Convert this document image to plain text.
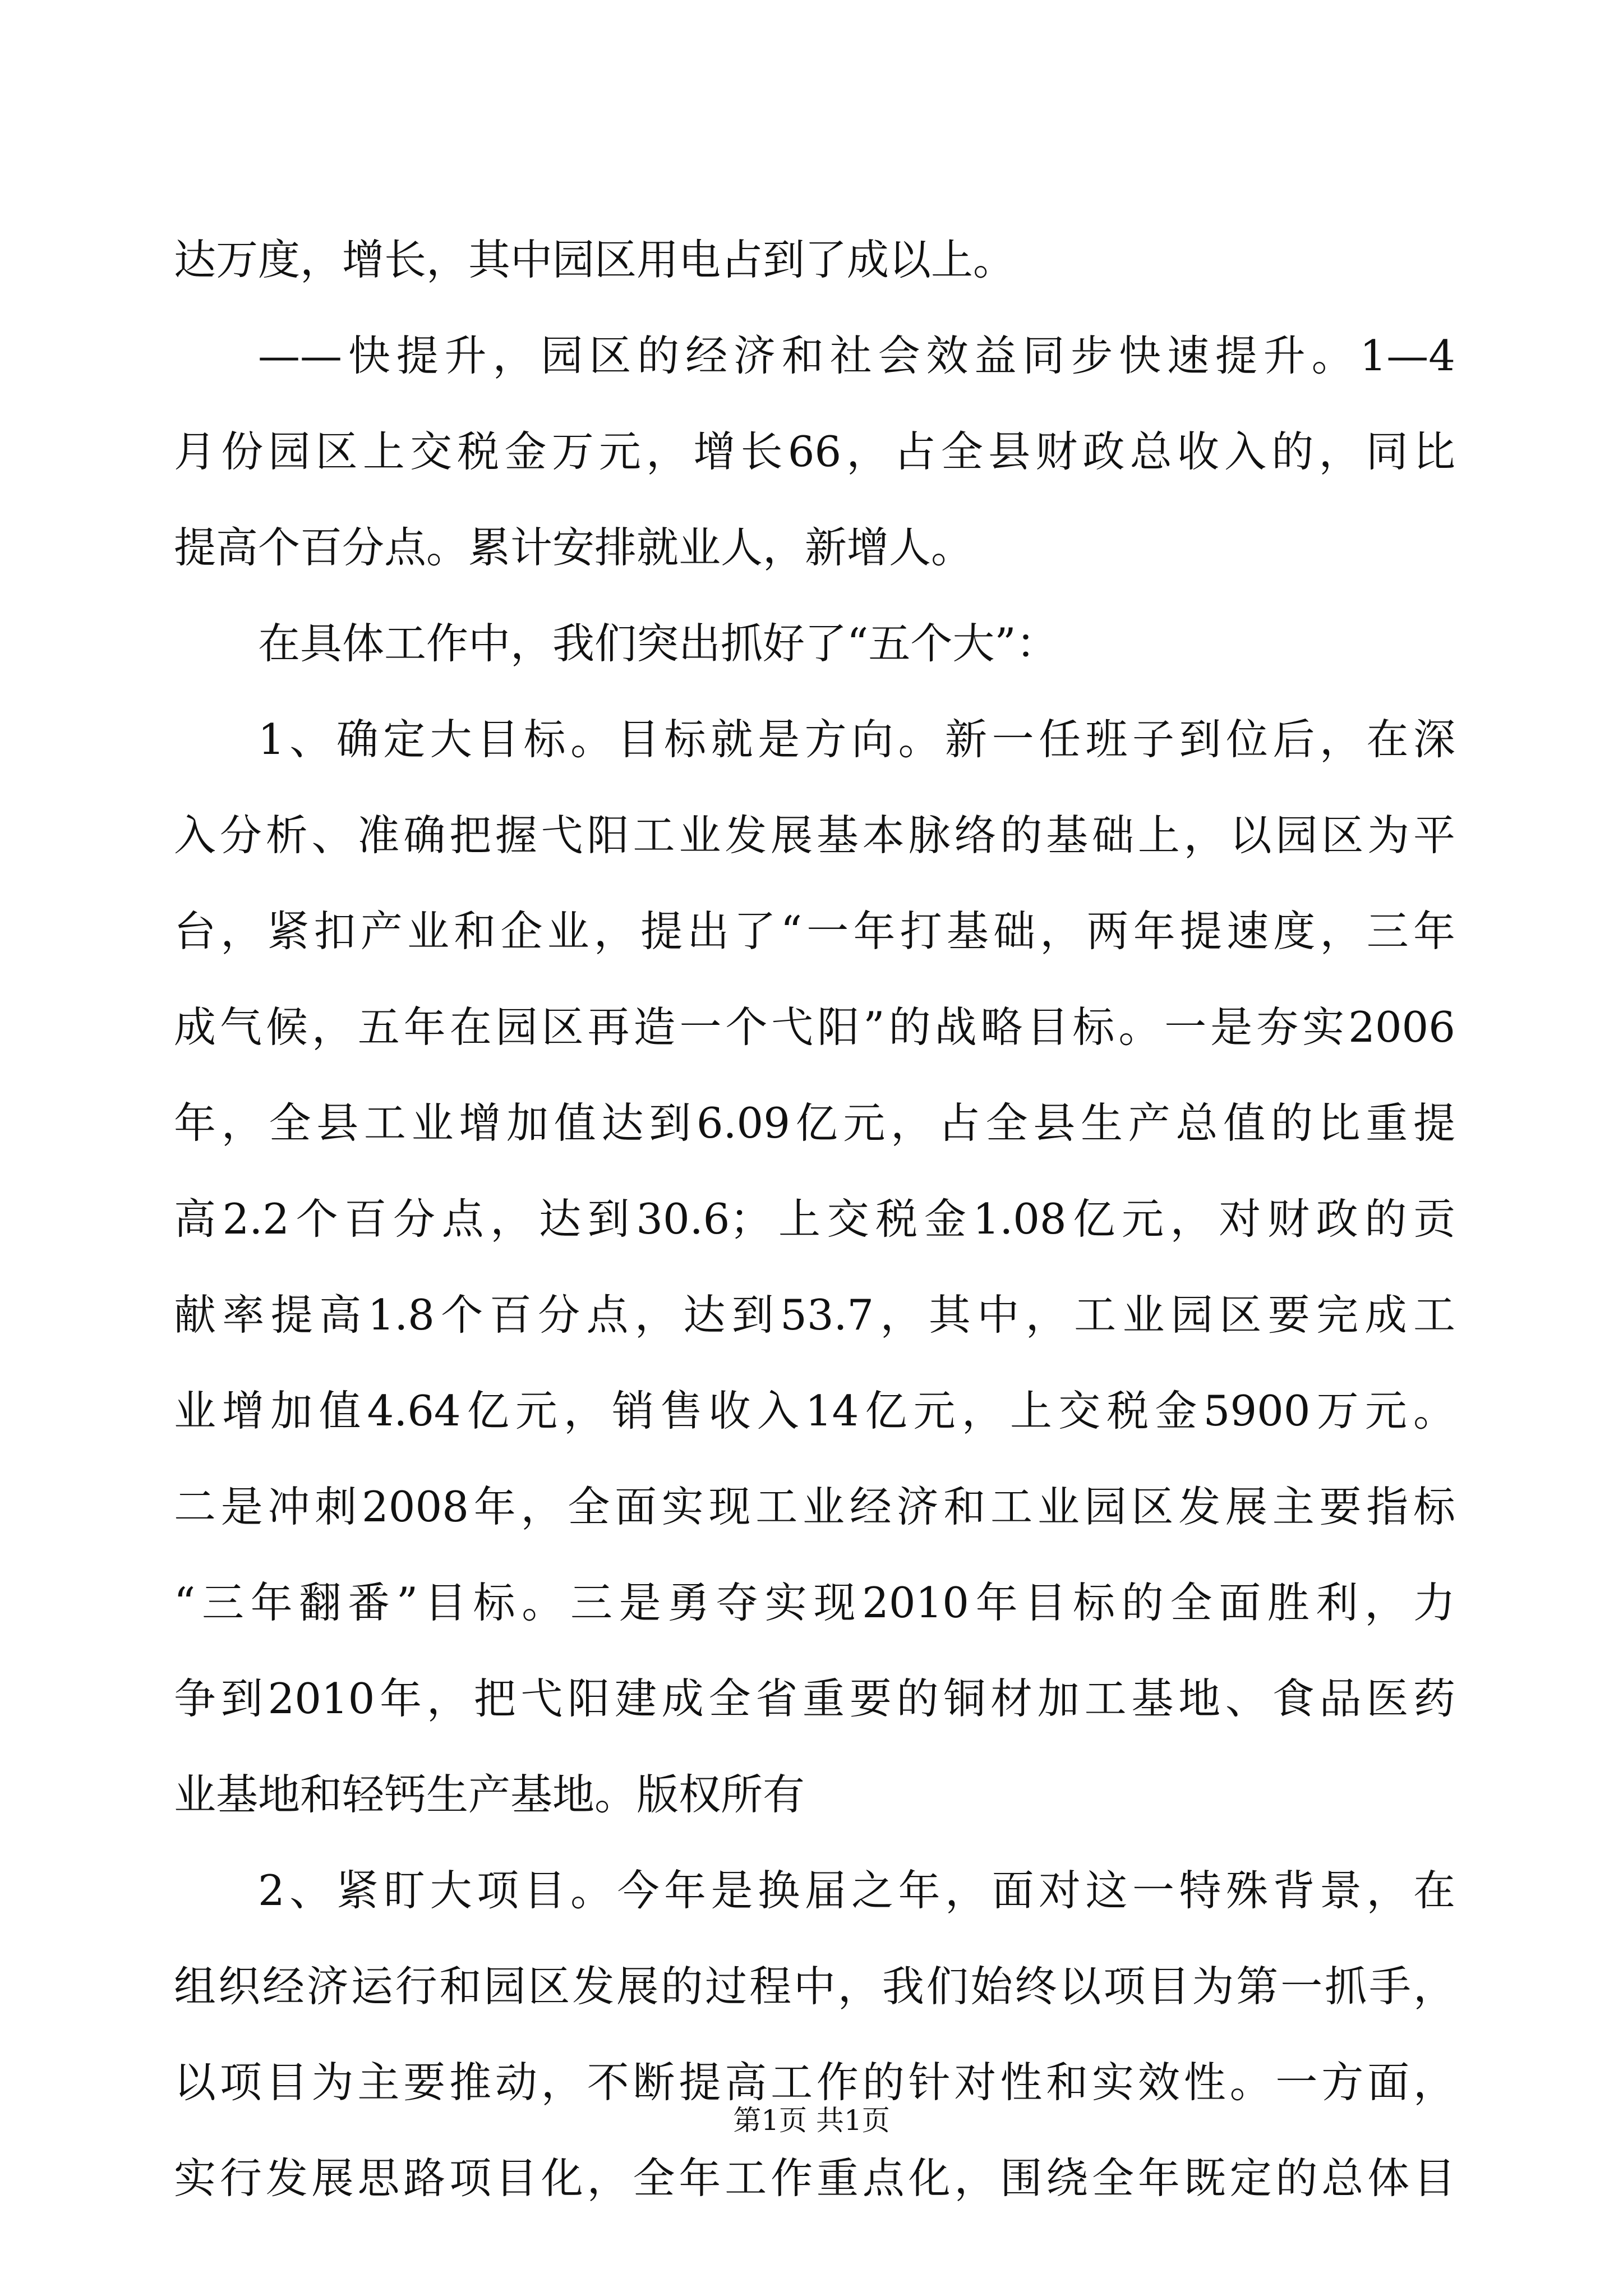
达万度，增长，其中园区用电占到了成以上。
——快提升，园区的经济和社会效益同步快速提升。1—4
月份园区上交税金万元，增长66，占全县财政总收入的，同比
提高个百分点。累计安排就业人，新增人。
在具体工作中，我们突出抓好了“五个大”：
1、确定大目标。目标就是方向。新一任班子到位后，在深
入分析、准确把握弋阳工业发展基本脉络的基础上，以园区为平
台，紧扣产业和企业，提出了“一年打基础，两年提速度，三年
成气候，五年在园区再造一个弋阳”的战略目标。一是夯实2006
年，全县工业增加值达到6.09亿元，占全县生产总值的比重提
高2.2个百分点，达到30.6；上交税金1.08亿元，对财政的贡
献率提高1.8个百分点，达到53.7，其中，工业园区要完成工
业增加值4.64亿元，销售收入14亿元，上交税金5900万元。
二是冲刺2008年，全面实现工业经济和工业园区发展主要指标
“三年翻番”目标。三是勇夺实现2010年目标的全面胜利，力
争到2010年，把弋阳建成全省重要的铜材加工基地、食品医药
业基地和轻钙生产基地。版权所有
2、紧盯大项目。今年是换届之年，面对这一特殊背景，在
组织经济运行和园区发展的过程中，我们始终以项目为第一抓手，
以项目为主要推动，不断提高工作的针对性和实效性。一方面，
实行发展思路项目化，全年工作重点化，围绕全年既定的总体目
第1页 共1页
